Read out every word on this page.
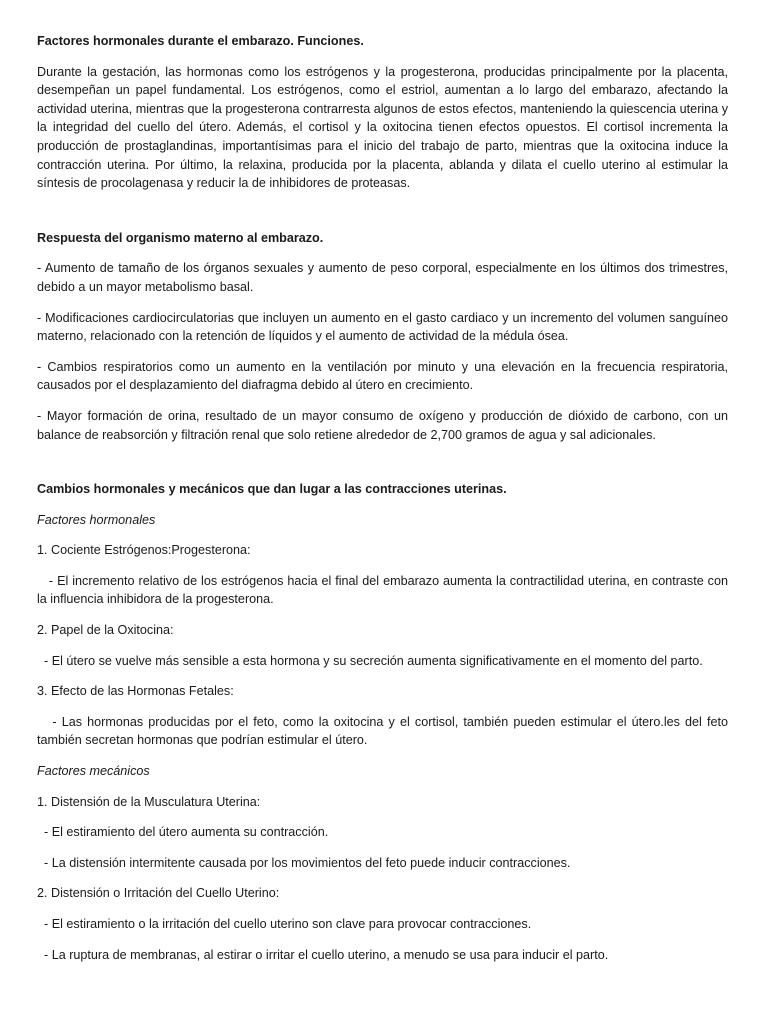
Factores hormonales durante el embarazo. Funciones.

Durante la gestación, las hormonas como los estrógenos y la progesterona, producidas principalmente por la placenta, desempeñan un papel fundamental. Los estrógenos, como el estriol, aumentan a lo largo del embarazo, afectando la actividad uterina, mientras que la progesterona contrarresta algunos de estos efectos, manteniendo la quiescencia uterina y la integridad del cuello del útero. Además, el cortisol y la oxitocina tienen efectos opuestos. El cortisol incrementa la producción de prostaglandinas, importantísimas para el inicio del trabajo de parto, mientras que la oxitocina induce la contracción uterina. Por último, la relaxina, producida por la placenta, ablanda y dilata el cuello uterino al estimular la síntesis de procolagenasa y reducir la de inhibidores de proteasas.

Respuesta del organismo materno al embarazo.

- Aumento de tamaño de los órganos sexuales y aumento de peso corporal, especialmente en los últimos dos trimestres, debido a un mayor metabolismo basal.

- Modificaciones cardiocirculatorias que incluyen un aumento en el gasto cardiaco y un incremento del volumen sanguíneo materno, relacionado con la retención de líquidos y el aumento de actividad de la médula ósea.

- Cambios respiratorios como un aumento en la ventilación por minuto y una elevación en la frecuencia respiratoria, causados por el desplazamiento del diafragma debido al útero en crecimiento.

- Mayor formación de orina, resultado de un mayor consumo de oxígeno y producción de dióxido de carbono, con un balance de reabsorción y filtración renal que solo retiene alrededor de 2,700 gramos de agua y sal adicionales.

Cambios hormonales y mecánicos que dan lugar a las contracciones uterinas.

Factores hormonales

1. Cociente Estrógenos:Progesterona:

- El incremento relativo de los estrógenos hacia el final del embarazo aumenta la contractilidad uterina, en contraste con la influencia inhibidora de la progesterona.

2. Papel de la Oxitocina:

- El útero se vuelve más sensible a esta hormona y su secreción aumenta significativamente en el momento del parto.

3. Efecto de las Hormonas Fetales:

- Las hormonas producidas por el feto, como la oxitocina y el cortisol, también pueden estimular el útero.les del feto también secretan hormonas que podrían estimular el útero.

Factores mecánicos

1. Distensión de la Musculatura Uterina:

- El estiramiento del útero aumenta su contracción.

- La distensión intermitente causada por los movimientos del feto puede inducir contracciones.

2. Distensión o Irritación del Cuello Uterino:

- El estiramiento o la irritación del cuello uterino son clave para provocar contracciones.

- La ruptura de membranas, al estirar o irritar el cuello uterino, a menudo se usa para inducir el parto.
